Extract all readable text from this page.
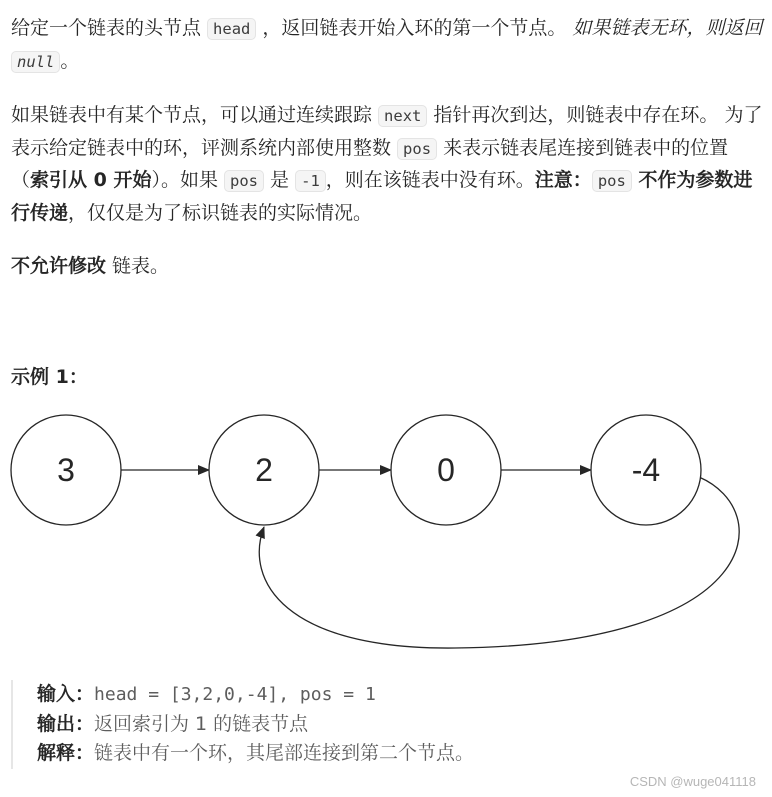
给定一个链表的头节点 head ，返回链表开始入环的第一个节点。 如果链表无环，则返回 null 。

如果链表中有某个节点，可以通过连续跟踪 next 指针再次到达，则链表中存在环。 为了表示给定链表中的环，评测系统内部使用整数 pos 来表示链表尾连接到链表中的位置（索引从 0 开始）。如果 pos 是 -1 ，则在该链表中没有环。注意： pos 不作为参数进行传递，仅仅是为了标识链表的实际情况。

不允许修改 链表。

示例 1：
3	2	0	-4
输入：head = [3,2,0,-4], pos = 1
输出：返回索引为 1 的链表节点
解释：链表中有一个环，其尾部连接到第二个节点。
CSDN @wuge041118
